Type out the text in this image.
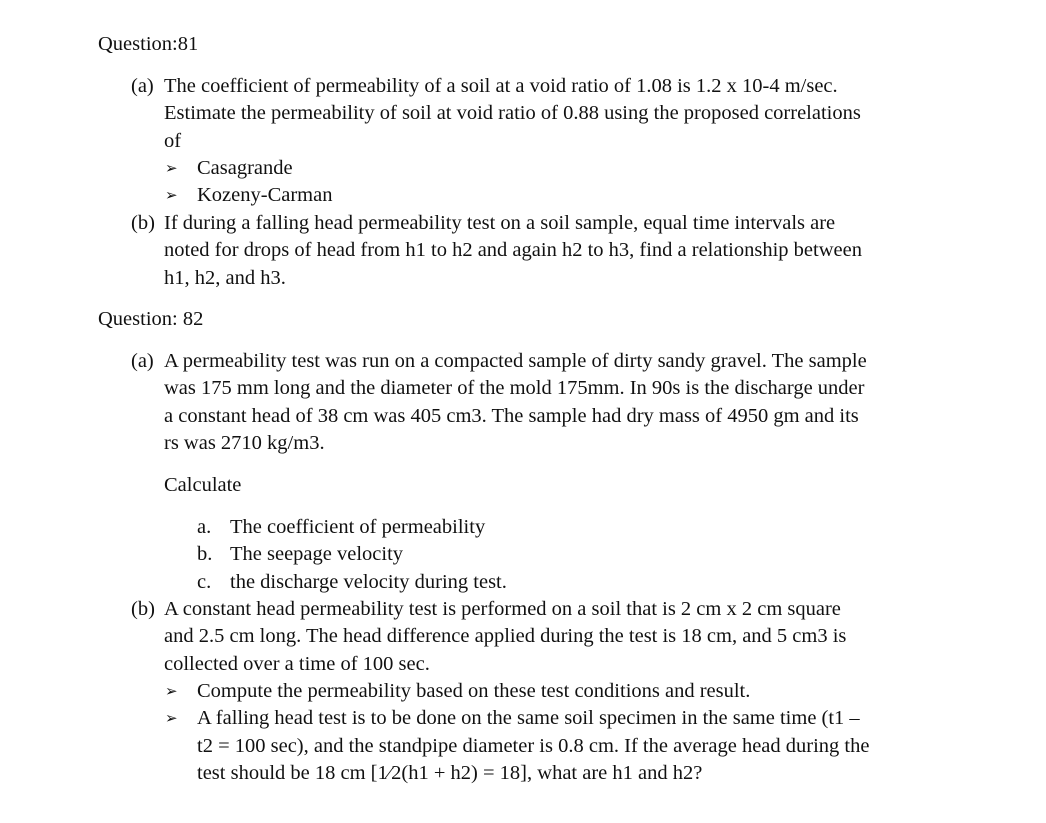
Question:81
(a) The coefficient of permeability of a soil at a void ratio of 1.08 is 1.2 x 10-4 m/sec.
Estimate the permeability of soil at void ratio of 0.88 using the proposed correlations
of
➢ Casagrande
➢ Kozeny-Carman
(b) If during a falling head permeability test on a soil sample, equal time intervals are
noted for drops of head from h1 to h2 and again h2 to h3, find a relationship between
h1, h2, and h3.
Question: 82
(a) A permeability test was run on a compacted sample of dirty sandy gravel. The sample
was 175 mm long and the diameter of the mold 175mm. In 90s is the discharge under
a constant head of 38 cm was 405 cm3. The sample had dry mass of 4950 gm and its
rs was 2710 kg/m3.
Calculate
a. The coefficient of permeability
b. The seepage velocity
c. the discharge velocity during test.
(b) A constant head permeability test is performed on a soil that is 2 cm x 2 cm square
and 2.5 cm long. The head difference applied during the test is 18 cm, and 5 cm3 is
collected over a time of 100 sec.
➢ Compute the permeability based on these test conditions and result.
➢ A falling head test is to be done on the same soil specimen in the same time (t1 –
t2 = 100 sec), and the standpipe diameter is 0.8 cm. If the average head during the
test should be 18 cm [1⁄2(h1 + h2) = 18], what are h1 and h2?
